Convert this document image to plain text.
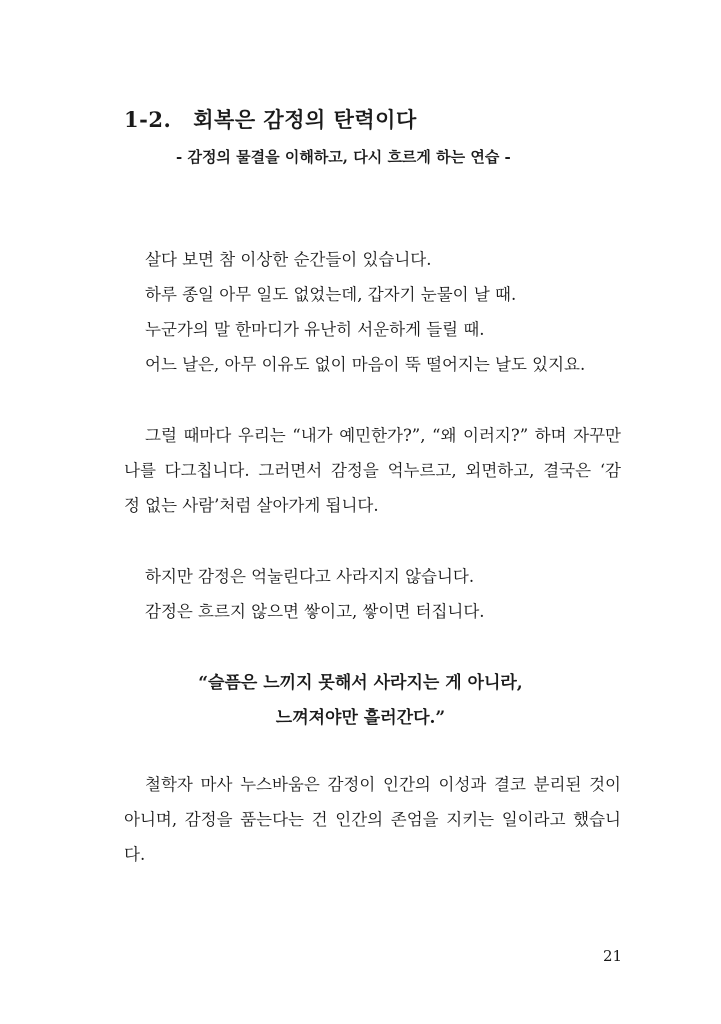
1-2. 회복은 감정의 탄력이다
- 감정의 물결을 이해하고, 다시 흐르게 하는 연습 -
살다 보면 참 이상한 순간들이 있습니다.
하루 종일 아무 일도 없었는데, 갑자기 눈물이 날 때.
누군가의 말 한마디가 유난히 서운하게 들릴 때.
어느 날은, 아무 이유도 없이 마음이 뚝 떨어지는 날도 있지요.
그럴 때마다 우리는 “내가 예민한가?”, “왜 이러지?” 하며 자꾸만
나를 다그칩니다. 그러면서 감정을 억누르고, 외면하고, 결국은 ‘감
정 없는 사람’처럼 살아가게 됩니다.
하지만 감정은 억눌린다고 사라지지 않습니다.
감정은 흐르지 않으면 쌓이고, 쌓이면 터집니다.
“슬픔은 느끼지 못해서 사라지는 게 아니라,
느껴져야만 흘러간다.”
철학자 마사 누스바움은 감정이 인간의 이성과 결코 분리된 것이
아니며, 감정을 품는다는 건 인간의 존엄을 지키는 일이라고 했습니
다.
21
